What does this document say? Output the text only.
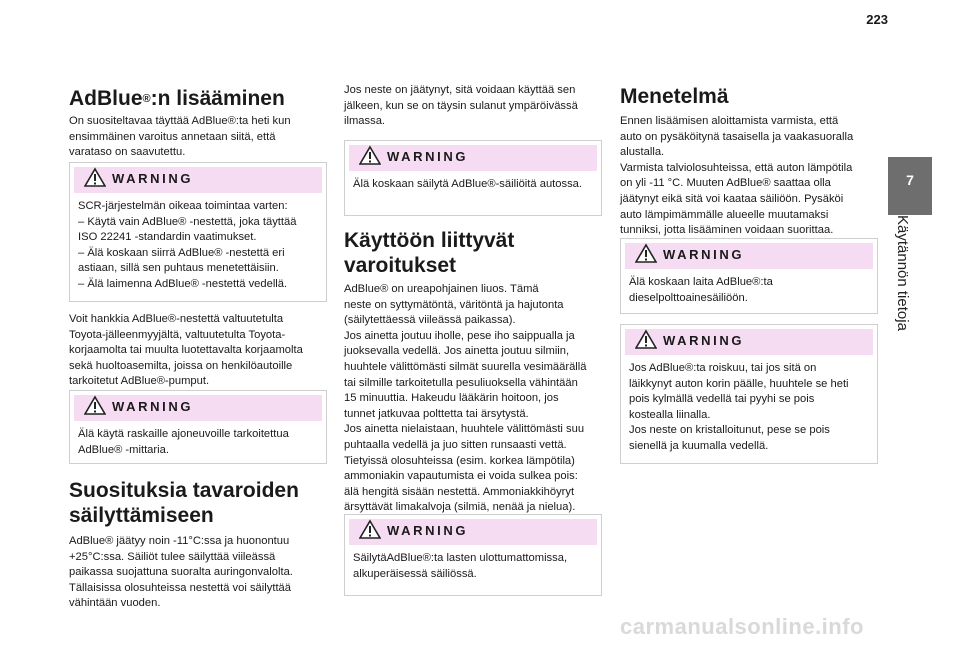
223
7
Käytännön tietoja
AdBlue®:n lisääminen

On suositeltavaa täyttää AdBlue®:ta heti kun
ensimmäinen varoitus annetaan siitä, että
varataso on saavutettu.

WARNING
SCR-järjestelmän oikeaa toimintaa varten:
– Käytä vain AdBlue® -nestettä, joka täyttää
ISO 22241 -standardin vaatimukset.
– Älä koskaan siirrä AdBlue® -nestettä eri
astiaan, sillä sen puhtaus menetettäisiin.
– Älä laimenna AdBlue® -nestettä vedellä.

Voit hankkia AdBlue®-nestettä valtuutetulta
Toyota-jälleenmyyjältä, valtuutetulta Toyota-
korjaamolta tai muulta luotettavalta korjaamolta
sekä huoltoasemilta, joissa on henkilöautoille
tarkoitetut AdBlue®-pumput.

WARNING
Älä käytä raskaille ajoneuvoille tarkoitettua
AdBlue® -mittaria.
Suosituksia tavaroiden
säilyttämiseen

AdBlue® jäätyy noin -11°C:ssa ja huonontuu
+25°C:ssa. Säiliöt tulee säilyttää viileässä
paikassa suojattuna suoralta auringonvalolta.
Tällaisissa olosuhteissa nestettä voi säilyttää
vähintään vuoden.

Jos neste on jäätynyt, sitä voidaan käyttää sen
jälkeen, kun se on täysin sulanut ympäröivässä
ilmassa.

WARNING
Älä koskaan säilytä AdBlue®-säiliöitä autossa.
Käyttöön liittyvät
varoitukset

AdBlue® on ureapohjainen liuos. Tämä
neste on syttymätöntä, väritöntä ja hajutonta
(säilytettäessä viileässä paikassa).
Jos ainetta joutuu iholle, pese iho saippualla ja
juoksevalla vedellä. Jos ainetta joutuu silmiin,
huuhtele välittömästi silmät suurella vesimäärällä
tai silmille tarkoitetulla pesuliuoksella vähintään
15 minuuttia. Hakeudu lääkärin hoitoon, jos
tunnet jatkuvaa polttetta tai ärsytystä.
Jos ainetta nielaistaan, huuhtele välittömästi suu
puhtaalla vedellä ja juo sitten runsaasti vettä.
Tietyissä olosuhteissa (esim. korkea lämpötila)
ammoniakin vapautumista ei voida sulkea pois:
älä hengitä sisään nestettä. Ammoniakkihöyryt
ärsyttävät limakalvoja (silmiä, nenää ja nielua).

WARNING
SäilytäAdBlue®:ta lasten ulottumattomissa,
alkuperäisessä säiliössä.
Menetelmä

Ennen lisäämisen aloittamista varmista, että
auto on pysäköitynä tasaisella ja vaakasuoralla
alustalla.
Varmista talviolosuhteissa, että auton lämpötila
on yli -11 °C. Muuten AdBlue® saattaa olla
jäätynyt eikä sitä voi kaataa säiliöön. Pysäköi
auto lämpimämmälle alueelle muutamaksi
tunniksi, jotta lisääminen voidaan suorittaa.

WARNING
Älä koskaan laita AdBlue®:ta
dieselpolttoainesäiliöön.
WARNING
Jos AdBlue®:ta roiskuu, tai jos sitä on
läikkynyt auton korin päälle, huuhtele se heti
pois kylmällä vedellä tai pyyhi se pois
kostealla liinalla.
Jos neste on kristalloitunut, pese se pois
sienellä ja kuumalla vedellä.
carmanualsonline.info
